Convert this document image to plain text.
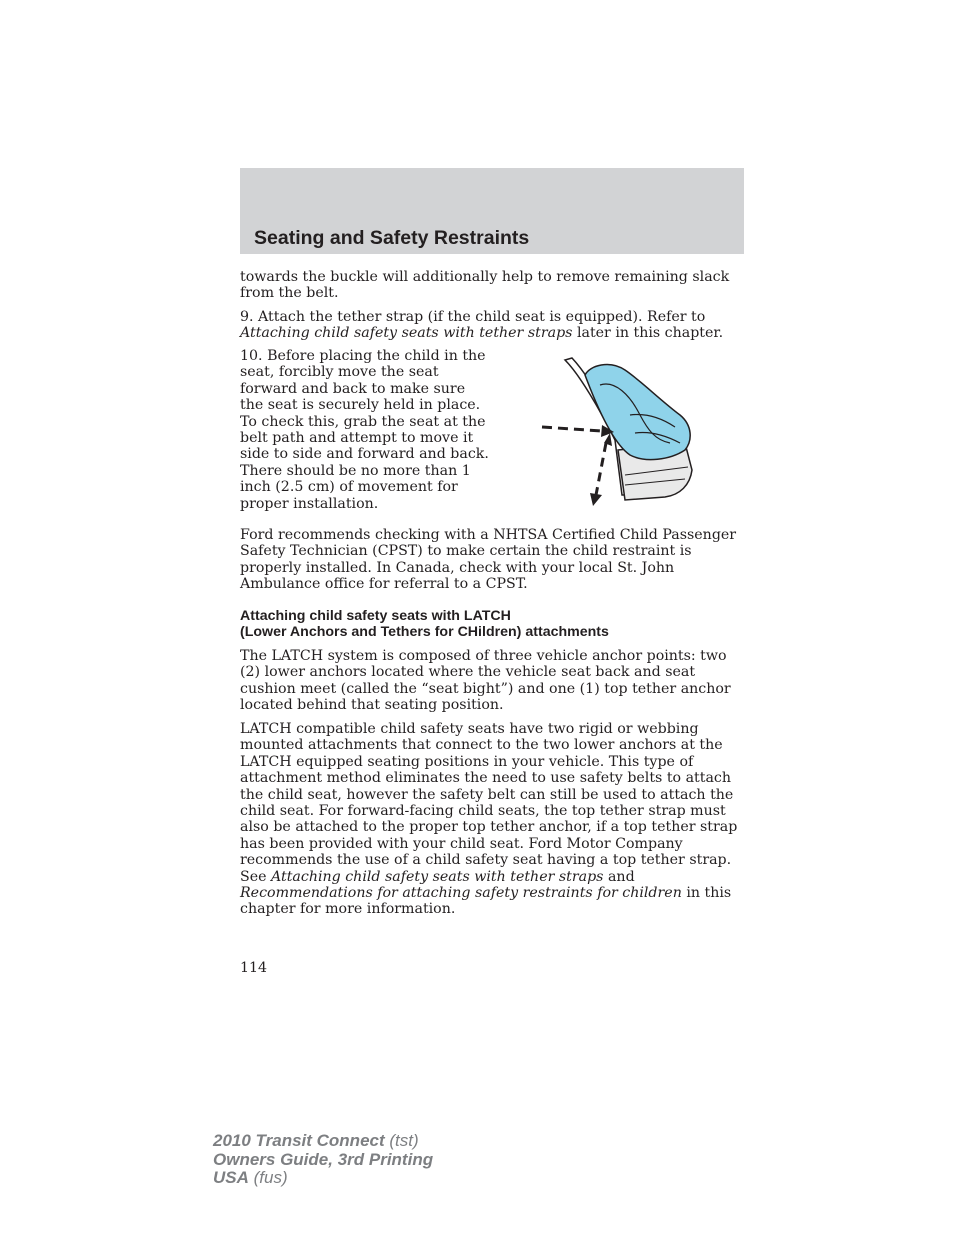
Seating and Safety Restraints

towards the buckle will additionally help to remove remaining slack from the belt.

9. Attach the tether strap (if the child seat is equipped). Refer to Attaching child safety seats with tether straps later in this chapter.

10. Before placing the child in the seat, forcibly move the seat forward and back to make sure the seat is securely held in place. To check this, grab the seat at the belt path and attempt to move it side to side and forward and back. There should be no more than 1 inch (2.5 cm) of movement for proper installation.

Ford recommends checking with a NHTSA Certified Child Passenger Safety Technician (CPST) to make certain the child restraint is properly installed. In Canada, check with your local St. John Ambulance office for referral to a CPST.

Attaching child safety seats with LATCH
(Lower Anchors and Tethers for CHildren) attachments

The LATCH system is composed of three vehicle anchor points: two (2) lower anchors located where the vehicle seat back and seat cushion meet (called the “seat bight”) and one (1) top tether anchor located behind that seating position.

LATCH compatible child safety seats have two rigid or webbing mounted attachments that connect to the two lower anchors at the LATCH equipped seating positions in your vehicle. This type of attachment method eliminates the need to use safety belts to attach the child seat, however the safety belt can still be used to attach the child seat. For forward-facing child seats, the top tether strap must also be attached to the proper top tether anchor, if a top tether strap has been provided with your child seat. Ford Motor Company recommends the use of a child safety seat having a top tether strap. See Attaching child safety seats with tether straps and Recommendations for attaching safety restraints for children in this chapter for more information.

114

2010 Transit Connect (tst)
Owners Guide, 3rd Printing
USA (fus)
